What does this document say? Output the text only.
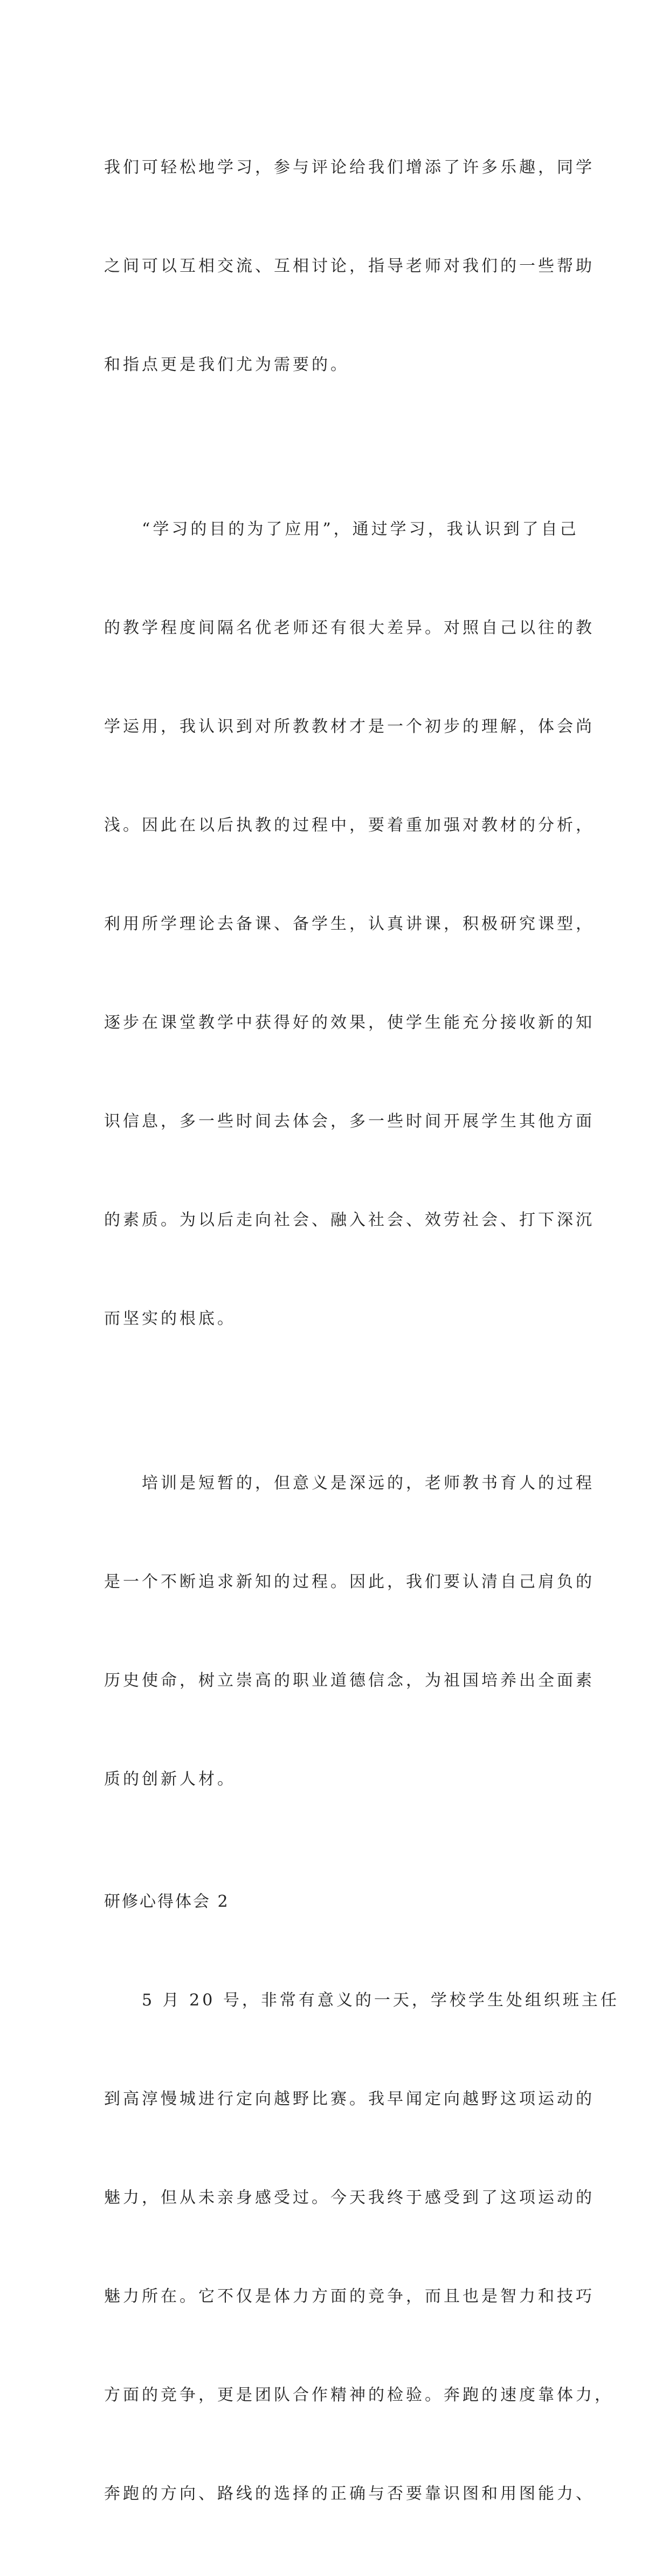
我们可轻松地学习，参与评论给我们增添了许多乐趣，同学

之间可以互相交流、互相讨论，指导老师对我们的一些帮助

和指点更是我们尤为需要的。

　　“学习的目的为了应用”，通过学习，我认识到了自己

的教学程度间隔名优老师还有很大差异。对照自己以往的教

学运用，我认识到对所教教材才是一个初步的理解，体会尚

浅。因此在以后执教的过程中，要着重加强对教材的分析，

利用所学理论去备课、备学生，认真讲课，积极研究课型，

逐步在课堂教学中获得好的效果，使学生能充分接收新的知

识信息，多一些时间去体会，多一些时间开展学生其他方面

的素质。为以后走向社会、融入社会、效劳社会、打下深沉

而坚实的根底。

　　培训是短暂的，但意义是深远的，老师教书育人的过程

是一个不断追求新知的过程。因此，我们要认清自己肩负的

历史使命，树立崇高的职业道德信念，为祖国培养出全面素

质的创新人材。

研修心得体会 2

　　5 月 20 号，非常有意义的一天，学校学生处组织班主任

到高淳慢城进行定向越野比赛。我早闻定向越野这项运动的

魅力，但从未亲身感受过。今天我终于感受到了这项运动的

魅力所在。它不仅是体力方面的竞争，而且也是智力和技巧

方面的竞争，更是团队合作精神的检验。奔跑的速度靠体力，

奔跑的方向、路线的选择的正确与否要靠识图和用图能力、
